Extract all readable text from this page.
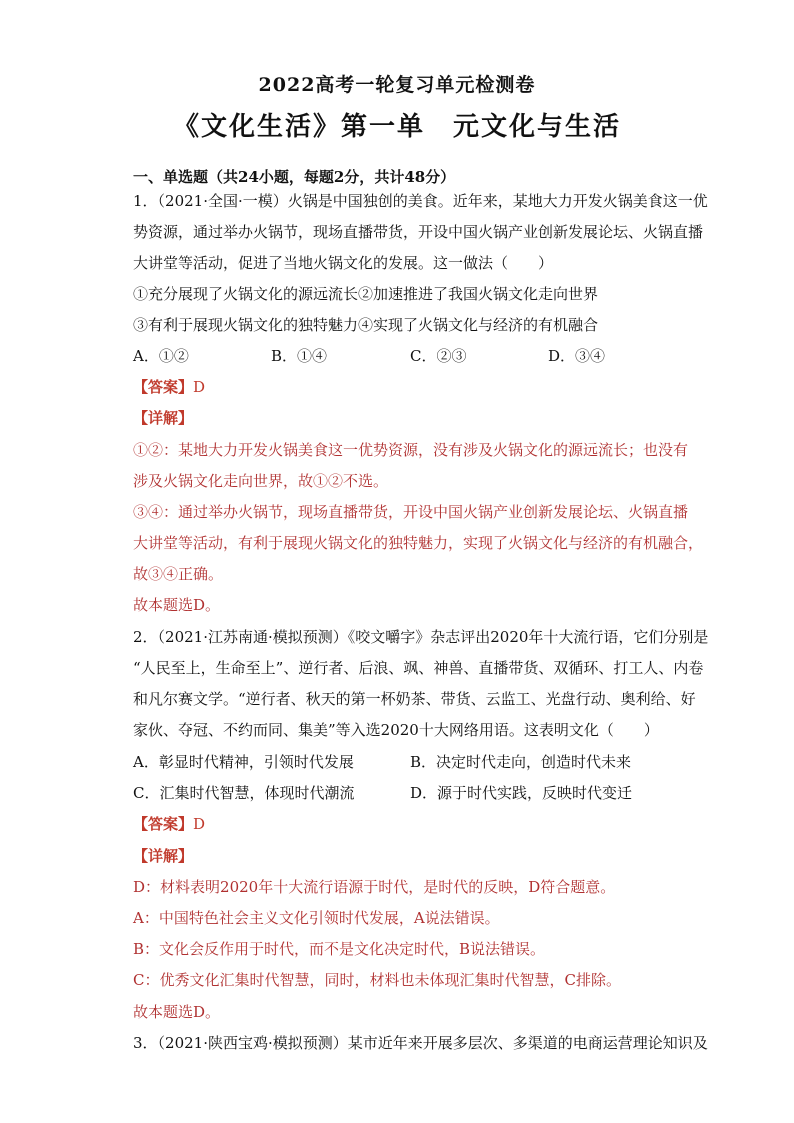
2022高考一轮复习单元检测卷
《文化生活》第一单　元文化与生活
一、单选题（共24小题，每题2分，共计48分）
1．（2021·全国·一模）火锅是中国独创的美食。近年来，某地大力开发火锅美食这一优
势资源，通过举办火锅节，现场直播带货，开设中国火锅产业创新发展论坛、火锅直播
大讲堂等活动，促进了当地火锅文化的发展。这一做法（　　）
①充分展现了火锅文化的源远流长②加速推进了我国火锅文化走向世界
③有利于展现火锅文化的独特魅力④实现了火锅文化与经济的有机融合
A．①②	B．①④	C．②③	D．③④
【答案】D
【详解】
①②：某地大力开发火锅美食这一优势资源，没有涉及火锅文化的源远流长；也没有
涉及火锅文化走向世界，故①②不选。
③④：通过举办火锅节，现场直播带货，开设中国火锅产业创新发展论坛、火锅直播
大讲堂等活动，有利于展现火锅文化的独特魅力，实现了火锅文化与经济的有机融合，
故③④正确。
故本题选D。
2．（2021·江苏南通·模拟预测）《咬文嚼字》杂志评出2020年十大流行语，它们分别是
“人民至上，生命至上”、逆行者、后浪、飒、神兽、直播带货、双循环、打工人、内卷
和凡尔赛文学。“逆行者、秋天的第一杯奶茶、带货、云监工、光盘行动、奥利给、好
家伙、夺冠、不约而同、集美”等入选2020十大网络用语。这表明文化（　　）
A．彰显时代精神，引领时代发展	B．决定时代走向，创造时代未来
C．汇集时代智慧，体现时代潮流	D．源于时代实践，反映时代变迁
【答案】D
【详解】
D：材料表明2020年十大流行语源于时代，是时代的反映，D符合题意。
A：中国特色社会主义文化引领时代发展，A说法错误。
B：文化会反作用于时代，而不是文化决定时代，B说法错误。
C：优秀文化汇集时代智慧，同时，材料也未体现汇集时代智慧，C排除。
故本题选D。
3．（2021·陕西宝鸡·模拟预测）某市近年来开展多层次、多渠道的电商运营理论知识及
